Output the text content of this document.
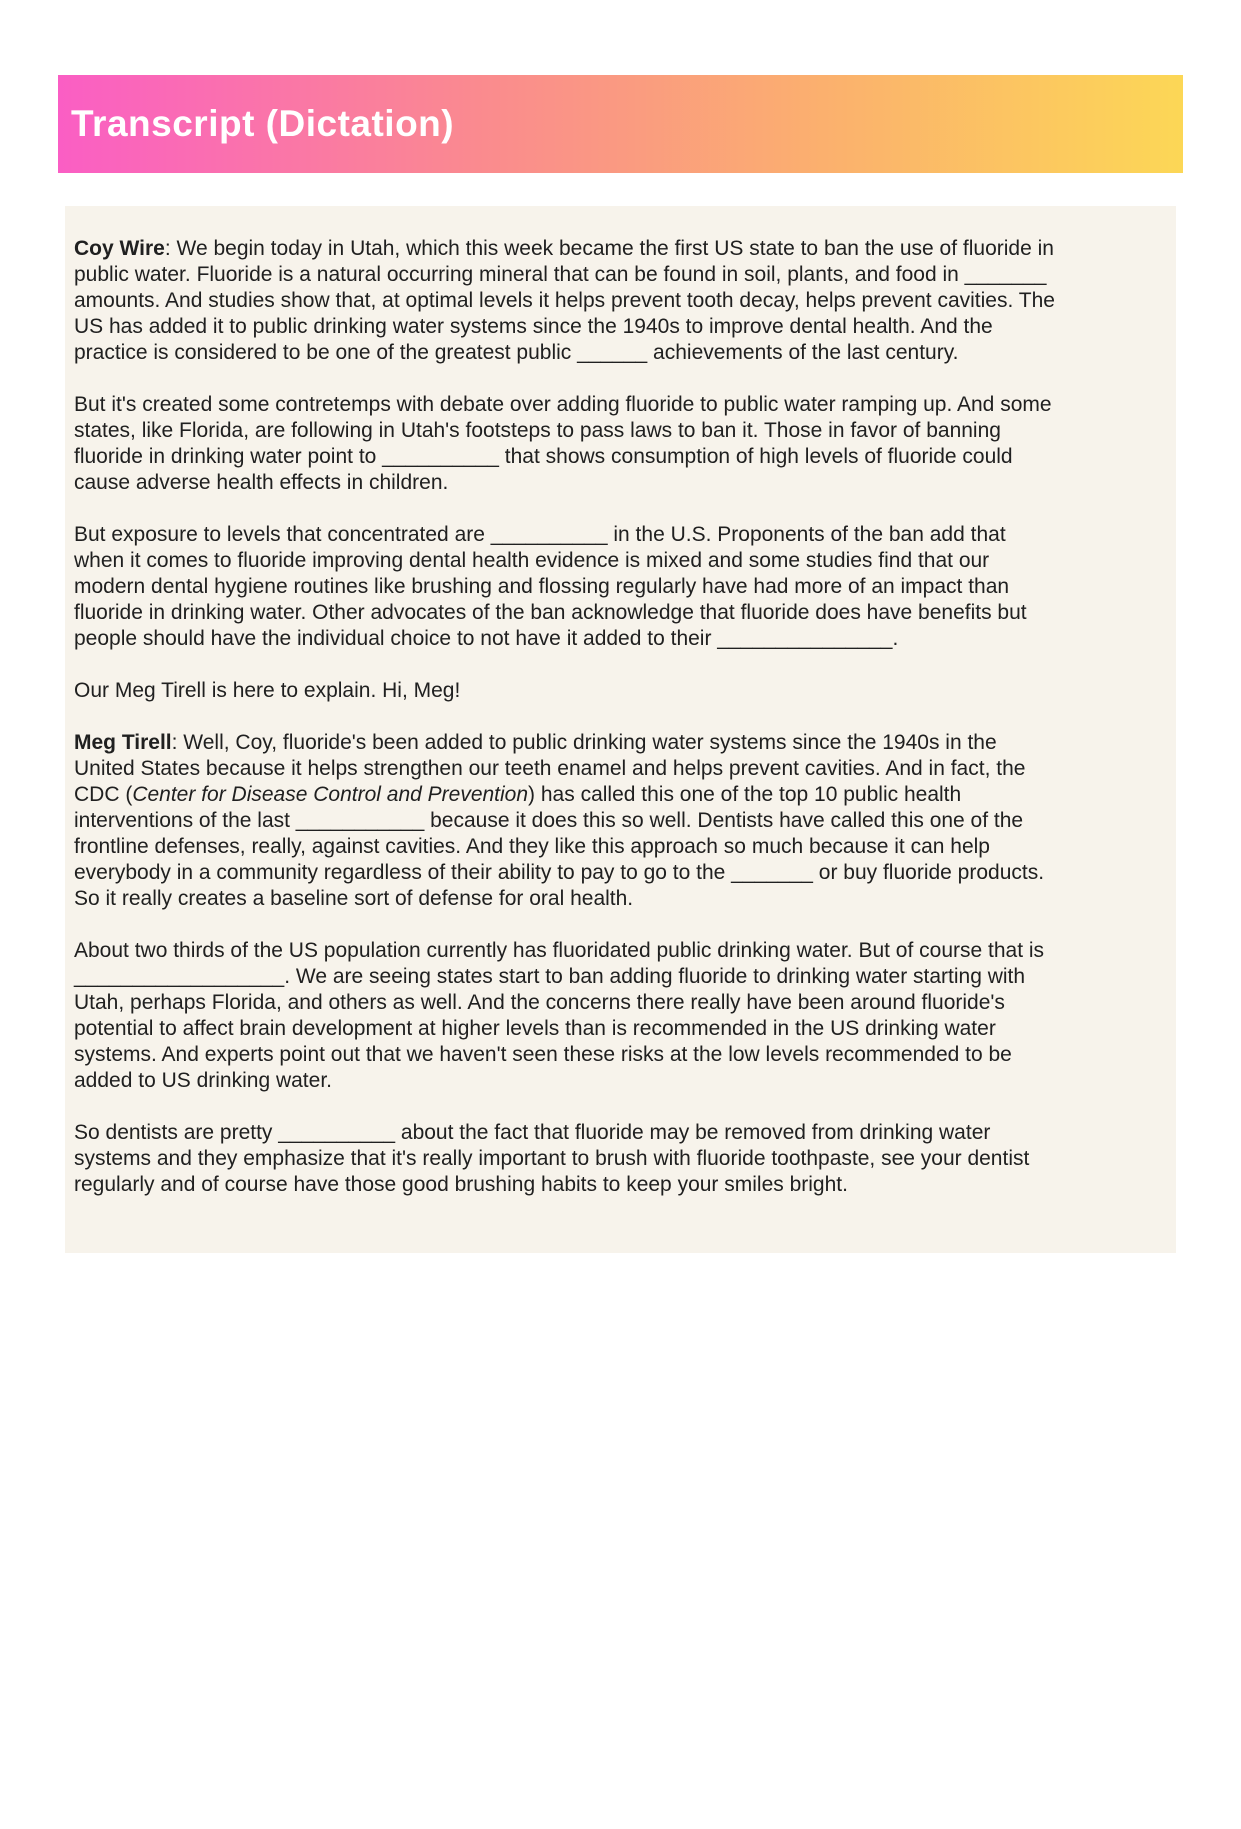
Transcript (Dictation)

Coy Wire: We begin today in Utah, which this week became the first US state to ban the use of fluoride in public water. Fluoride is a natural occurring mineral that can be found in soil, plants, and food in _______ amounts. And studies show that, at optimal levels it helps prevent tooth decay, helps prevent cavities. The US has added it to public drinking water systems since the 1940s to improve dental health. And the practice is considered to be one of the greatest public ______ achievements of the last century.

But it's created some contretemps with debate over adding fluoride to public water ramping up. And some states, like Florida, are following in Utah's footsteps to pass laws to ban it. Those in favor of banning fluoride in drinking water point to __________ that shows consumption of high levels of fluoride could cause adverse health effects in children.

But exposure to levels that concentrated are __________ in the U.S. Proponents of the ban add that when it comes to fluoride improving dental health evidence is mixed and some studies find that our modern dental hygiene routines like brushing and flossing regularly have had more of an impact than fluoride in drinking water. Other advocates of the ban acknowledge that fluoride does have benefits but people should have the individual choice to not have it added to their _______________.

Our Meg Tirell is here to explain. Hi, Meg!

Meg Tirell: Well, Coy, fluoride's been added to public drinking water systems since the 1940s in the United States because it helps strengthen our teeth enamel and helps prevent cavities. And in fact, the CDC (Center for Disease Control and Prevention) has called this one of the top 10 public health interventions of the last ___________ because it does this so well. Dentists have called this one of the frontline defenses, really, against cavities. And they like this approach so much because it can help everybody in a community regardless of their ability to pay to go to the _______ or buy fluoride products. So it really creates a baseline sort of defense for oral health.

About two thirds of the US population currently has fluoridated public drinking water. But of course that is __________________. We are seeing states start to ban adding fluoride to drinking water starting with Utah, perhaps Florida, and others as well. And the concerns there really have been around fluoride's potential to affect brain development at higher levels than is recommended in the US drinking water systems. And experts point out that we haven't seen these risks at the low levels recommended to be added to US drinking water.

So dentists are pretty __________ about the fact that fluoride may be removed from drinking water systems and they emphasize that it's really important to brush with fluoride toothpaste, see your dentist regularly and of course have those good brushing habits to keep your smiles bright.
